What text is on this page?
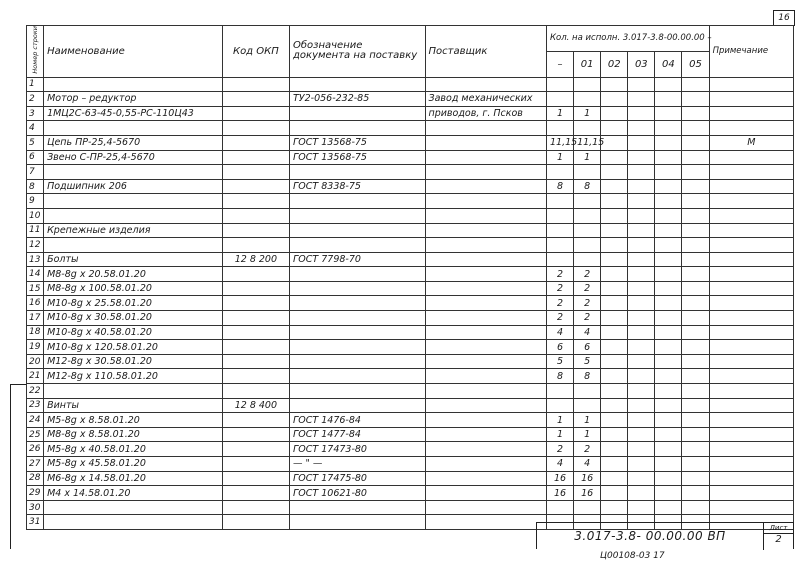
16
Номер строки	Наименование	Код ОКП	Обозначение документа на поставку	Поставщик	Кол. на исполн. 3.017-3.8-00.00.00 –						Примечание
					–	01	02	03	04	05	
1											
2	Мотор – редуктор		ТУ2-056-232-85	Завод механических							
3	1МЦ2С-63-45-0,55-РС-110Ц43			приводов, г. Псков	1	1					
4											
5	Цепь ПР-25,4-5670		ГОСТ 13568-75		11,15	11,15					М
6	Звено С-ПР-25,4-5670		ГОСТ 13568-75		1	1					
7											
8	Подшипник 206		ГОСТ 8338-75		8	8					
9											
10											
11	Крепежные изделия										
12											
13	Болты	12 8 200	ГОСТ 7798-70								
14	М8-8g x 20.58.01.20				2	2					
15	М8-8g x 100.58.01.20				2	2					
16	М10-8g x 25.58.01.20				2	2					
17	М10-8g x 30.58.01.20				2	2					
18	М10-8g x 40.58.01.20				4	4					
19	М10-8g x 120.58.01.20				6	6					
20	М12-8g x 30.58.01.20				5	5					
21	М12-8g x 110.58.01.20				8	8					
22											
23	Винты	12 8 400									
24	М5-8g x 8.58.01.20		ГОСТ 1476-84		1	1					
25	М8-8g x 8.58.01.20		ГОСТ 1477-84		1	1					
26	М5-8g x 40.58.01.20		ГОСТ 17473-80		2	2					
27	М5-8g x 45.58.01.20		— " —		4	4					
28	М6-8g x 14.58.01.20		ГОСТ 17475-80		16	16					
29	М4 x 14.58.01.20		ГОСТ 10621-80		16	16					
30											
31											
3.017-3.8- 00.00.00 ВП
Лист
2
Ц00108-03 17
